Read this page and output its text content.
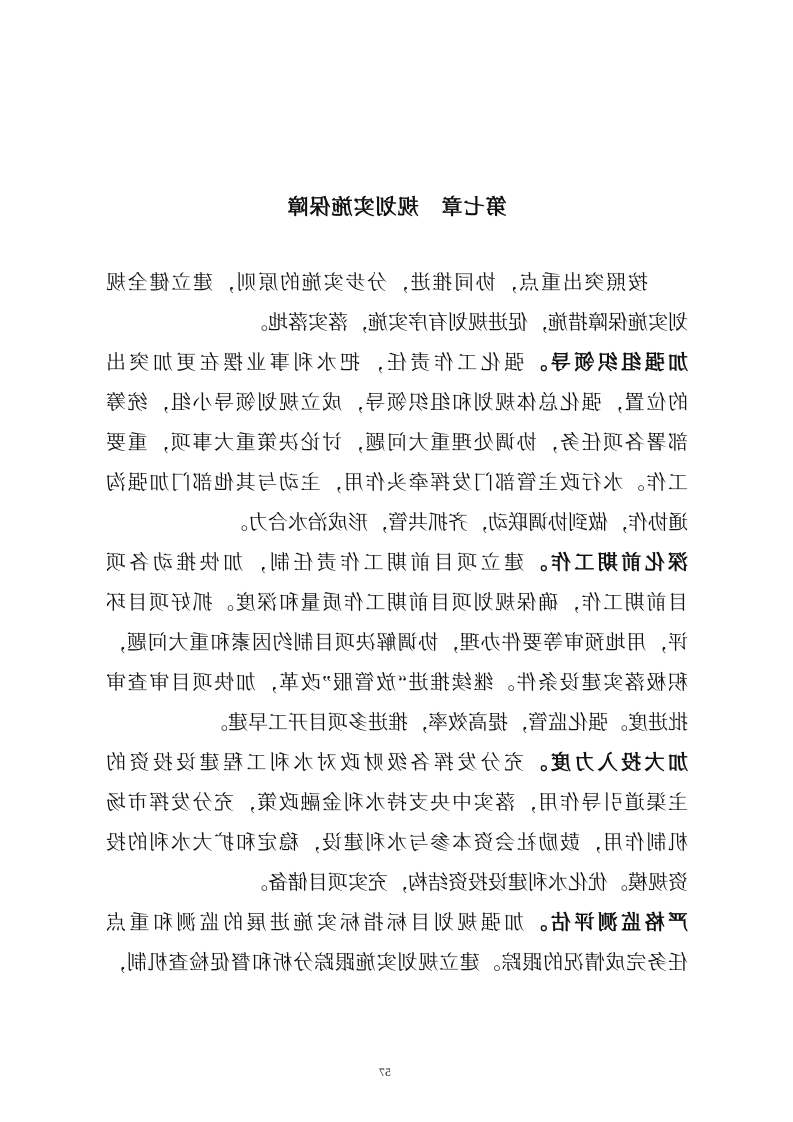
第七章　规划实施保障
按照突出重点，协同推进，分步实施的原则，建立健全规
划实施保障措施，促进规划有序实施，落实落地。
加强组织领导。强化工作责任，把水利事业摆在更加突出
的位置，强化总体规划和组织领导，成立规划领导小组，统筹
部署各项任务，协调处理重大问题，讨论决策重大事项，重要
工作。水行政主管部门发挥牵头作用，主动与其他部门加强沟
通协作，做到协调联动，齐抓共管，形成治水合力。
深化前期工作。建立项目前期工作责任制，加快推动各项
目前期工作，确保规划项目前期工作质量和深度。抓好项目环
评，用地预审等要件办理，协调解决项目制约因素和重大问题，
积极落实建设条件。继续推进“放管服”改革，加快项目审查审
批进度。强化监管，提高效率，推进多项目开工早建。
加大投入力度。充分发挥各级财政对水利工程建设投资的
主渠道引导作用，落实中央支持水利金融政策，充分发挥市场
机制作用，鼓励社会资本参与水利建设，稳定和扩大水利的投
资规模。优化水利建设投资结构，充实项目储备。
严格监测评估。加强规划目标指标实施进展的监测和重点
任务完成情况的跟踪。建立规划实施跟踪分析和督促检查机制，
57
